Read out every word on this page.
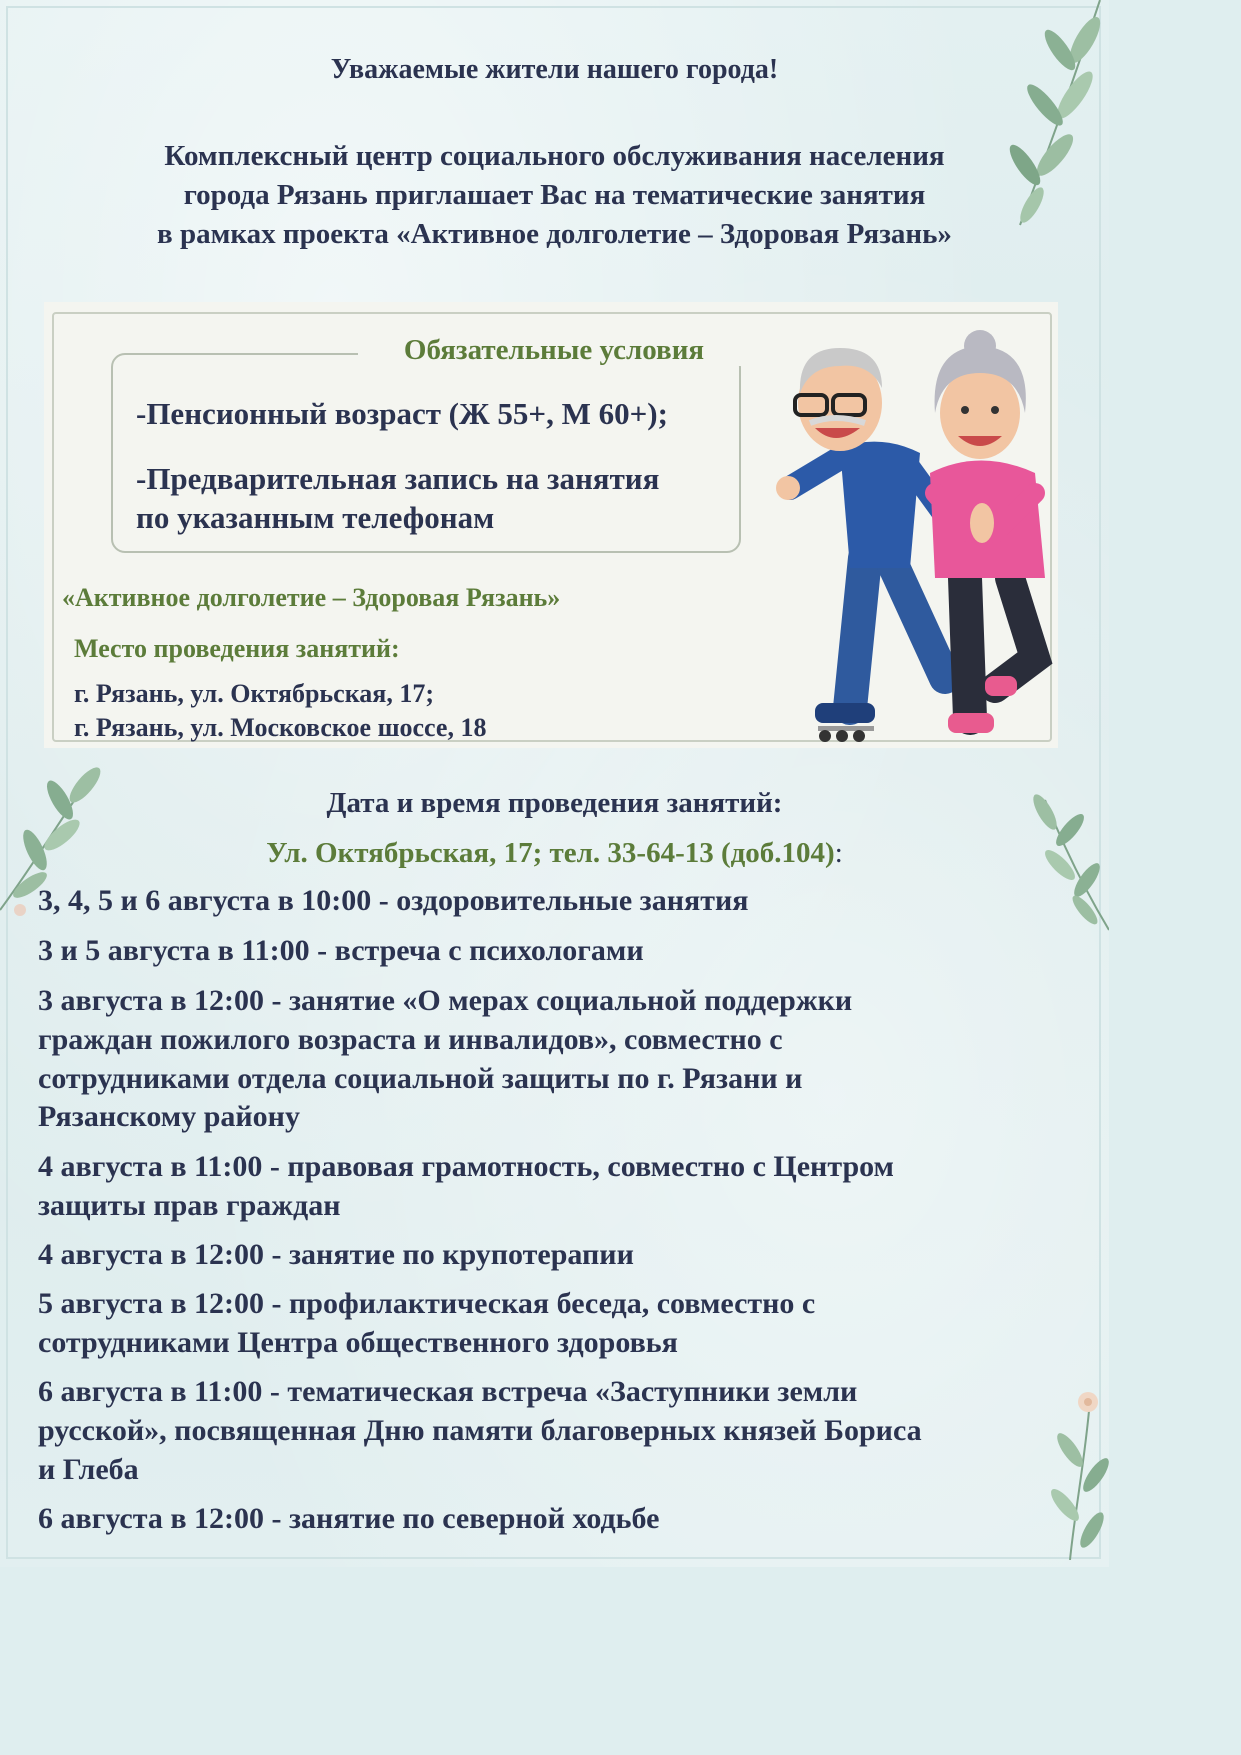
Уважаемые жители нашего города!
Комплексный центр социального обслуживания населения
города Рязань приглашает Вас на тематические занятия
в рамках проекта «Активное долголетие – Здоровая Рязань»
Обязательные условия
-Пенсионный возраст (Ж 55+, М 60+);
-Предварительная запись на занятия
по указанным телефонам
«Активное долголетие – Здоровая Рязань»
Место проведения занятий:
г. Рязань, ул. Октябрьская, 17;
г. Рязань, ул. Московское шоссе, 18
Дата и время проведения занятий:
Ул. Октябрьская, 17; тел. 33-64-13 (доб.104):
3, 4, 5 и 6 августа в 10:00 - оздоровительные занятия
3 и 5 августа в 11:00 - встреча с психологами
3 августа в 12:00 - занятие «О мерах социальной поддержки
граждан пожилого возраста и инвалидов», совместно с
сотрудниками отдела социальной защиты по г. Рязани и
Рязанскому району
4 августа в 11:00 - правовая грамотность, совместно с Центром
защиты прав граждан
4 августа в 12:00 - занятие по крупотерапии
5 августа в 12:00 - профилактическая беседа, совместно с
сотрудниками Центра общественного здоровья
6 августа в 11:00 - тематическая встреча «Заступники земли
русской», посвященная Дню памяти благоверных князей Бориса
и Глеба
6 августа в 12:00 - занятие по северной ходьбе
